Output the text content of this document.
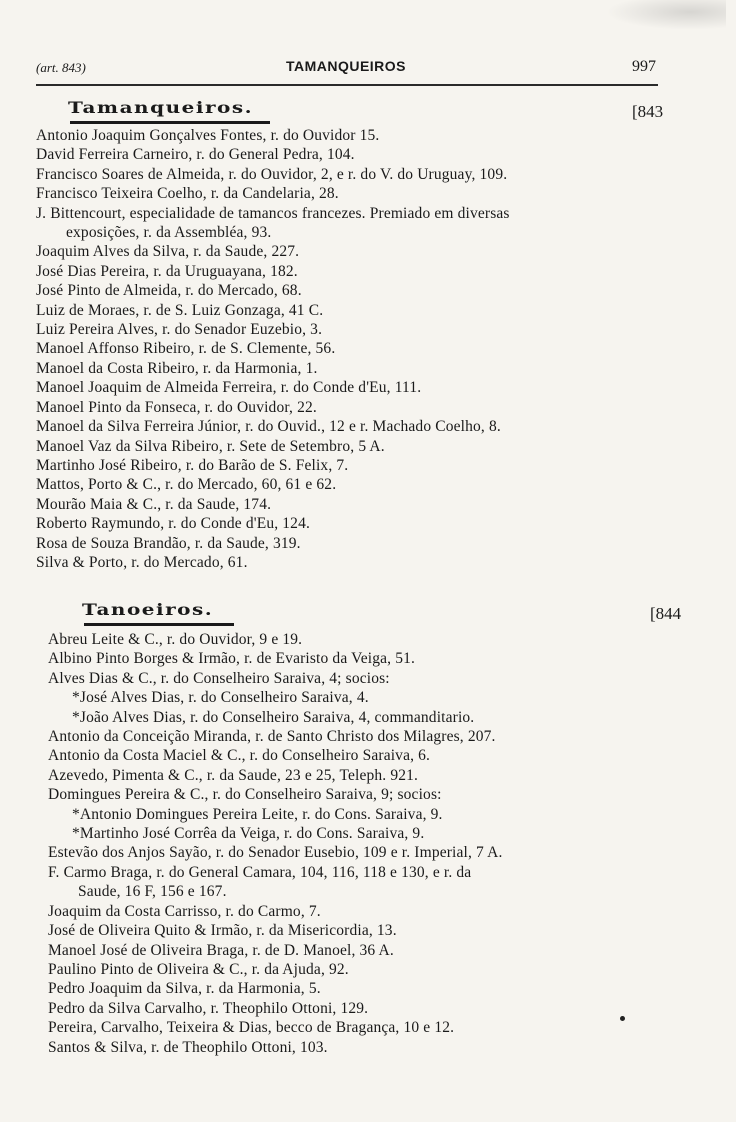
(art. 843)	TAMANQUEIROS	997
Tamanqueiros.	[843
Antonio Joaquim Gonçalves Fontes, r. do Ouvidor 15.
David Ferreira Carneiro, r. do General Pedra, 104.
Francisco Soares de Almeida, r. do Ouvidor, 2, e r. do V. do Uruguay, 109.
Francisco Teixeira Coelho, r. da Candelaria, 28.
J. Bittencourt, especialidade de tamancos francezes. Premiado em diversas
exposições, r. da Assembléa, 93.
Joaquim Alves da Silva, r. da Saude, 227.
José Dias Pereira, r. da Uruguayana, 182.
José Pinto de Almeida, r. do Mercado, 68.
Luiz de Moraes, r. de S. Luiz Gonzaga, 41 C.
Luiz Pereira Alves, r. do Senador Euzebio, 3.
Manoel Affonso Ribeiro, r. de S. Clemente, 56.
Manoel da Costa Ribeiro, r. da Harmonia, 1.
Manoel Joaquim de Almeida Ferreira, r. do Conde d'Eu, 111.
Manoel Pinto da Fonseca, r. do Ouvidor, 22.
Manoel da Silva Ferreira Júnior, r. do Ouvid., 12 e r. Machado Coelho, 8.
Manoel Vaz da Silva Ribeiro, r. Sete de Setembro, 5 A.
Martinho José Ribeiro, r. do Barão de S. Felix, 7.
Mattos, Porto & C., r. do Mercado, 60, 61 e 62.
Mourão Maia & C., r. da Saude, 174.
Roberto Raymundo, r. do Conde d'Eu, 124.
Rosa de Souza Brandão, r. da Saude, 319.
Silva & Porto, r. do Mercado, 61.
Tanoeiros.	[844
Abreu Leite & C., r. do Ouvidor, 9 e 19.
Albino Pinto Borges & Irmão, r. de Evaristo da Veiga, 51.
Alves Dias & C., r. do Conselheiro Saraiva, 4; socios:
*José Alves Dias, r. do Conselheiro Saraiva, 4.
*João Alves Dias, r. do Conselheiro Saraiva, 4, commanditario.
Antonio da Conceição Miranda, r. de Santo Christo dos Milagres, 207.
Antonio da Costa Maciel & C., r. do Conselheiro Saraiva, 6.
Azevedo, Pimenta & C., r. da Saude, 23 e 25, Teleph. 921.
Domingues Pereira & C., r. do Conselheiro Saraiva, 9; socios:
*Antonio Domingues Pereira Leite, r. do Cons. Saraiva, 9.
*Martinho José Corrêa da Veiga, r. do Cons. Saraiva, 9.
Estevão dos Anjos Sayão, r. do Senador Eusebio, 109 e r. Imperial, 7 A.
F. Carmo Braga, r. do General Camara, 104, 116, 118 e 130, e r. da
Saude, 16 F, 156 e 167.
Joaquim da Costa Carrisso, r. do Carmo, 7.
José de Oliveira Quito & Irmão, r. da Misericordia, 13.
Manoel José de Oliveira Braga, r. de D. Manoel, 36 A.
Paulino Pinto de Oliveira & C., r. da Ajuda, 92.
Pedro Joaquim da Silva, r. da Harmonia, 5.
Pedro da Silva Carvalho, r. Theophilo Ottoni, 129.
Pereira, Carvalho, Teixeira & Dias, becco de Bragança, 10 e 12.
Santos & Silva, r. de Theophilo Ottoni, 103.
